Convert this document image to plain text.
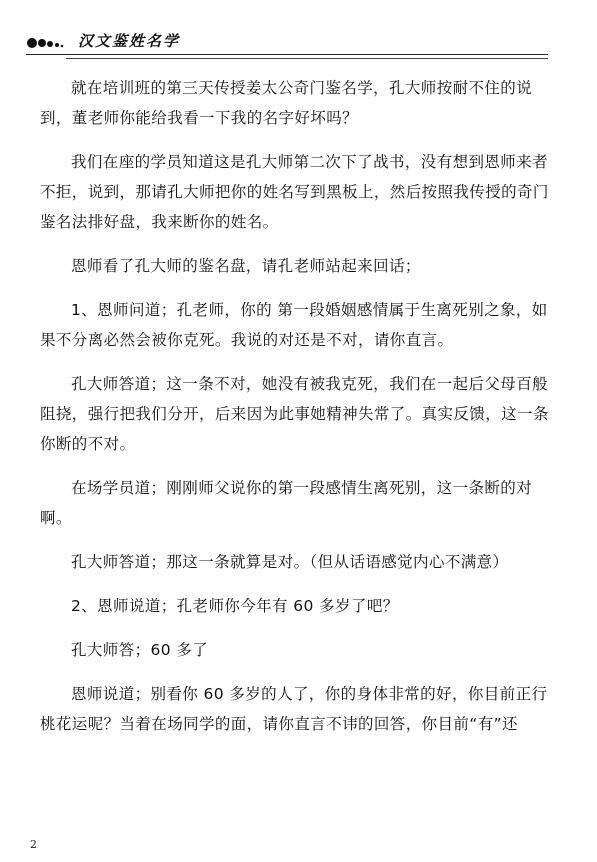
汉文鉴姓名学

就在培训班的第三天传授姜太公奇门鉴名学，孔大师按耐不住的说到，董老师你能给我看一下我的名字好坏吗？

我们在座的学员知道这是孔大师第二次下了战书，没有想到恩师来者不拒，说到，那请孔大师把你的姓名写到黑板上，然后按照我传授的奇门鉴名法排好盘，我来断你的姓名。

恩师看了孔大师的鉴名盘，请孔老师站起来回话；

1、恩师问道；孔老师，你的 第一段婚姻感情属于生离死别之象，如果不分离必然会被你克死。我说的对还是不对，请你直言。

孔大师答道；这一条不对，她没有被我克死，我们在一起后父母百般阻挠，强行把我们分开，后来因为此事她精神失常了。真实反馈，这一条你断的不对。

在场学员道；刚刚师父说你的第一段感情生离死别，这一条断的对啊。

孔大师答道；那这一条就算是对。（但从话语感觉内心不满意）

2、恩师说道；孔老师你今年有 60 多岁了吧？

孔大师答；60 多了

恩师说道；别看你 60 多岁的人了，你的身体非常的好，你目前正行桃花运呢？当着在场同学的面，请你直言不讳的回答，你目前“有”还

2
